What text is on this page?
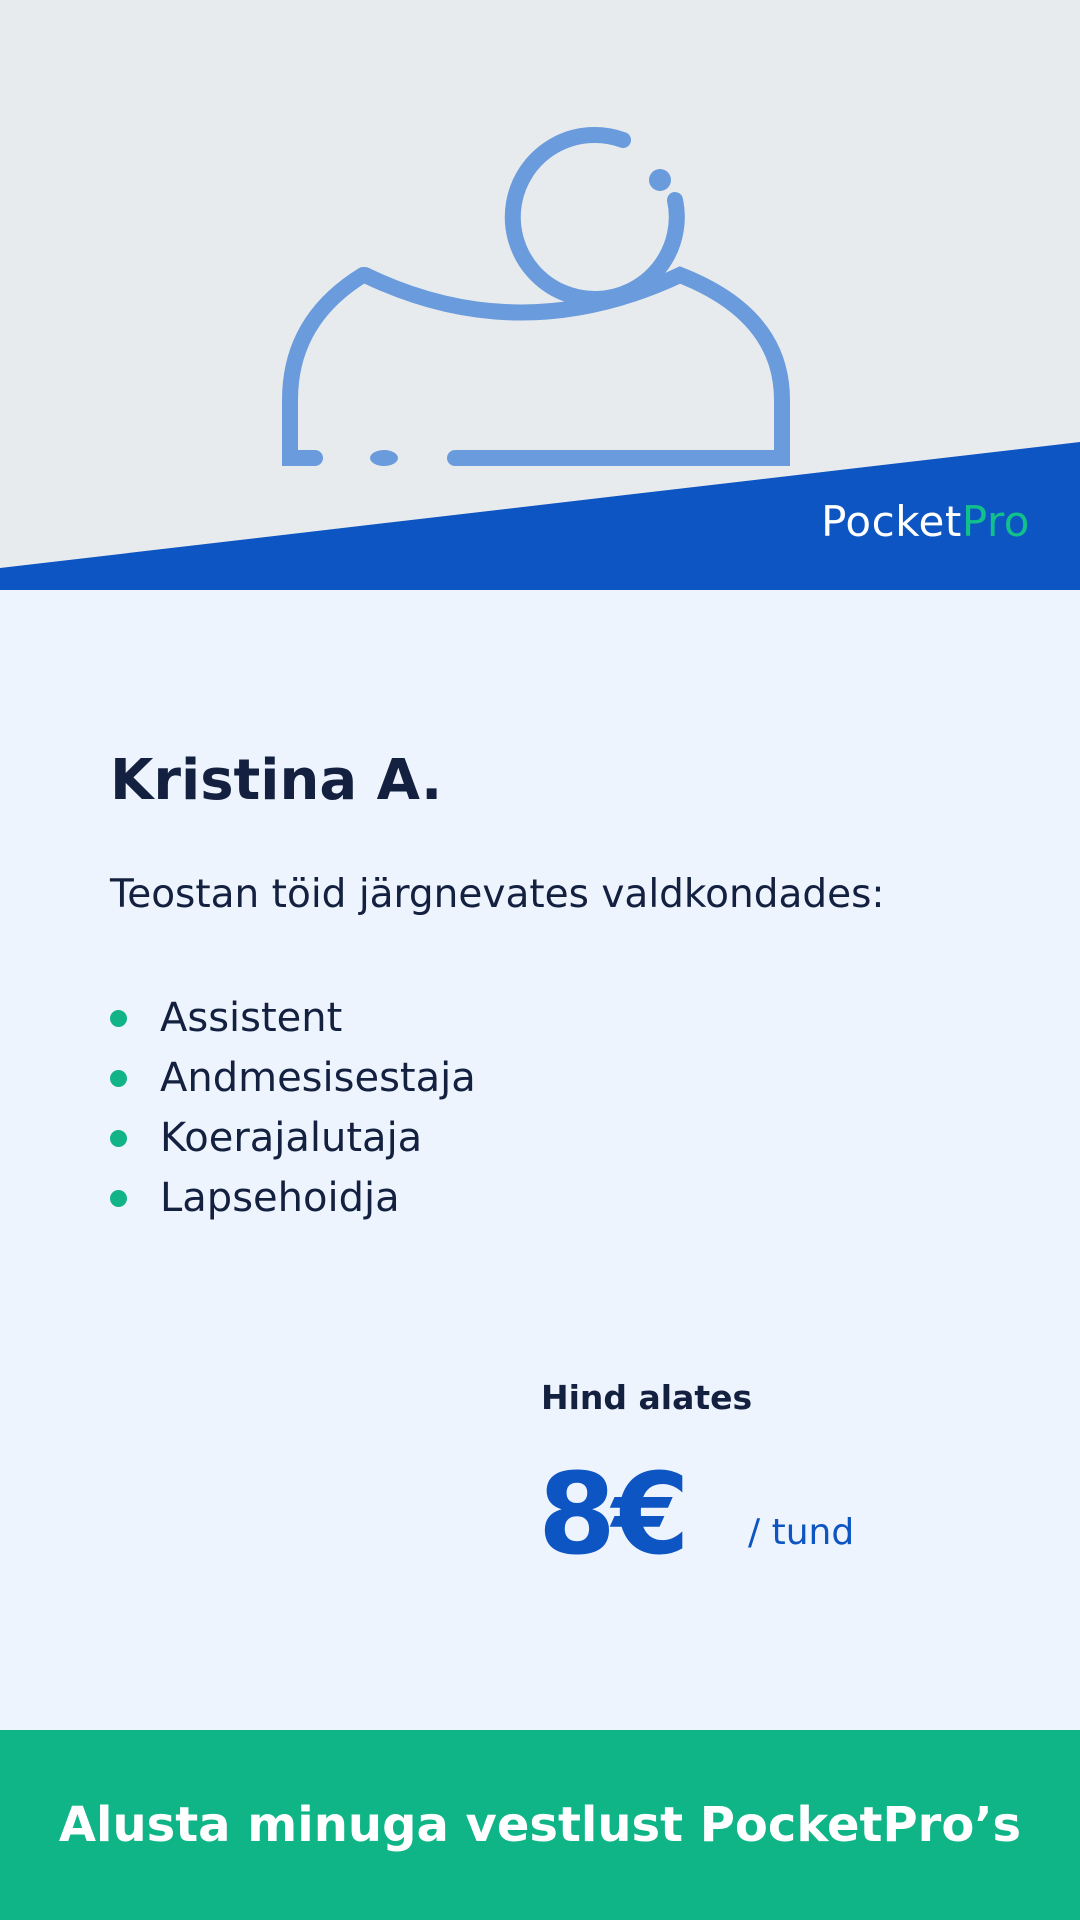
PocketPro
Kristina A.
Teostan töid järgnevates valdkondades:
Assistent
Andmesisestaja
Koerajalutaja
Lapsehoidja
Hind alates
8€ / tund
Alusta minuga vestlust PocketPro’s
